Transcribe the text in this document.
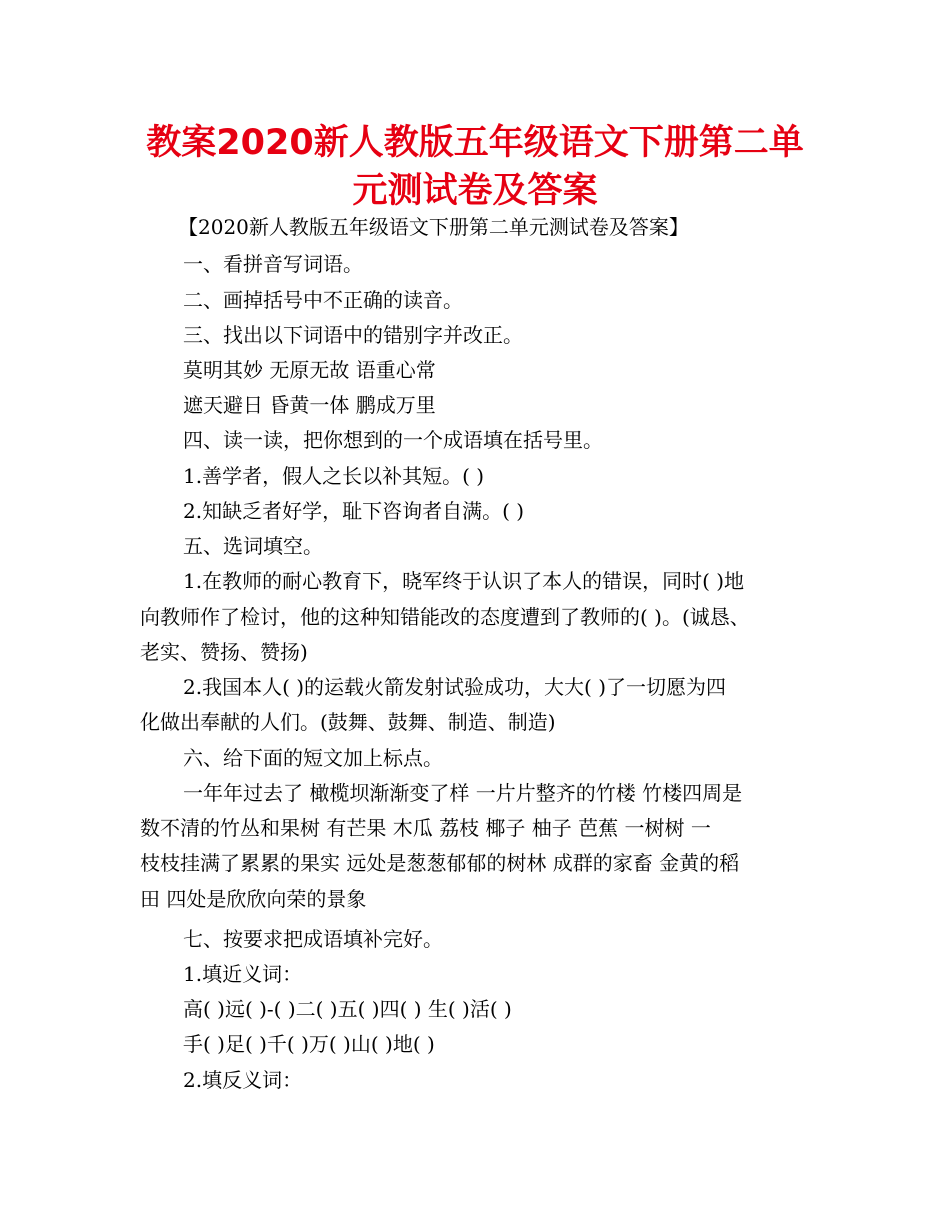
教案2020新人教版五年级语文下册第二单
元测试卷及答案

【2020新人教版五年级语文下册第二单元测试卷及答案】

一、看拼音写词语。

二、画掉括号中不正确的读音。

三、找出以下词语中的错别字并改正。

莫明其妙 无原无故 语重心常

遮天避日 昏黄一体 鹏成万里

四、读一读，把你想到的一个成语填在括号里。

1.善学者，假人之长以补其短。( )

2.知缺乏者好学，耻下咨询者自满。( )

五、选词填空。

1.在教师的耐心教育下，晓军终于认识了本人的错误，同时( )地

向教师作了检讨，他的这种知错能改的态度遭到了教师的( )。(诚恳、

老实、赞扬、赞扬)

2.我国本人( )的运载火箭发射试验成功，大大( )了一切愿为四

化做出奉献的人们。(鼓舞、鼓舞、制造、制造)

六、给下面的短文加上标点。

一年年过去了 橄榄坝渐渐变了样 一片片整齐的竹楼 竹楼四周是

数不清的竹丛和果树 有芒果 木瓜 荔枝 椰子 柚子 芭蕉 一树树 一

枝枝挂满了累累的果实 远处是葱葱郁郁的树林 成群的家畜 金黄的稻

田 四处是欣欣向荣的景象

七、按要求把成语填补完好。

1.填近义词：

高( )远( )-( )二( )五( )四( ) 生( )活( )

手( )足( )千( )万( )山( )地( )

2.填反义词：
